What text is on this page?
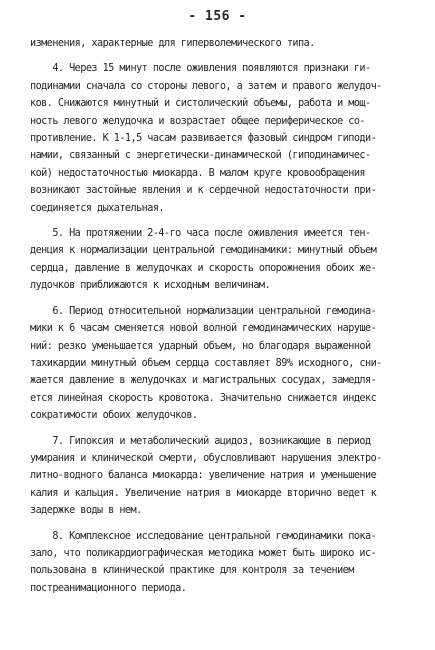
- 156 -
изменения, характерные для гиперволемического типа.
4. Через 15 минут после оживления появляются признаки ги-
подинамии сначала со стороны левого, а затем и правого желудоч-
ков. Снижаются минутный и систолический объемы, работа и мощ-
ность левого желудочка и возрастает общее периферическое со-
противление. К 1-1,5 часам развивается фазовый синдром гиподи-
намии, связанный с энергетически-динамической (гиподинамичес-
кой) недостаточностью миокарда. В малом круге кровообращения
возникают застойные явления и к сердечной недостаточности при-
соединяется дыхательная.
5. На протяжении 2-4-го часа после оживления имеется тен-
денция к нормализации центральной гемодинамики: минутный объем
сердца, давление в желудочках и скорость опорожнения обоих же-
лудочков приближаются к исходным величинам.
6. Период относительной нормализации центральной гемодина-
мики к 6 часам сменяется новой волной гемодинамических наруше-
ний: резко уменьшается ударный объем, но благодаря выраженной
тахикардии минутный объем сердца составляет 89% исходного, сни-
жается давление в желудочках и магистральных сосудах, замедля-
ется линейная скорость кровотока. Значительно снижается индекс
сократимости обоих желудочков.
7. Гипоксия и метаболический ацидоз, возникающие в период
умирания и клинической смерти, обусловливают нарушения электро-
литно-водного баланса миокарда: увеличение натрия и уменьшение
калия и кальция. Увеличение натрия в миокарде вторично ведет к
задержке воды в нем.
8. Комплексное исследование центральной гемодинамики пока-
зало, что поликардиографическая методика может быть широко ис-
пользована в клинической практике для контроля за течением
постреанимационного периода.
